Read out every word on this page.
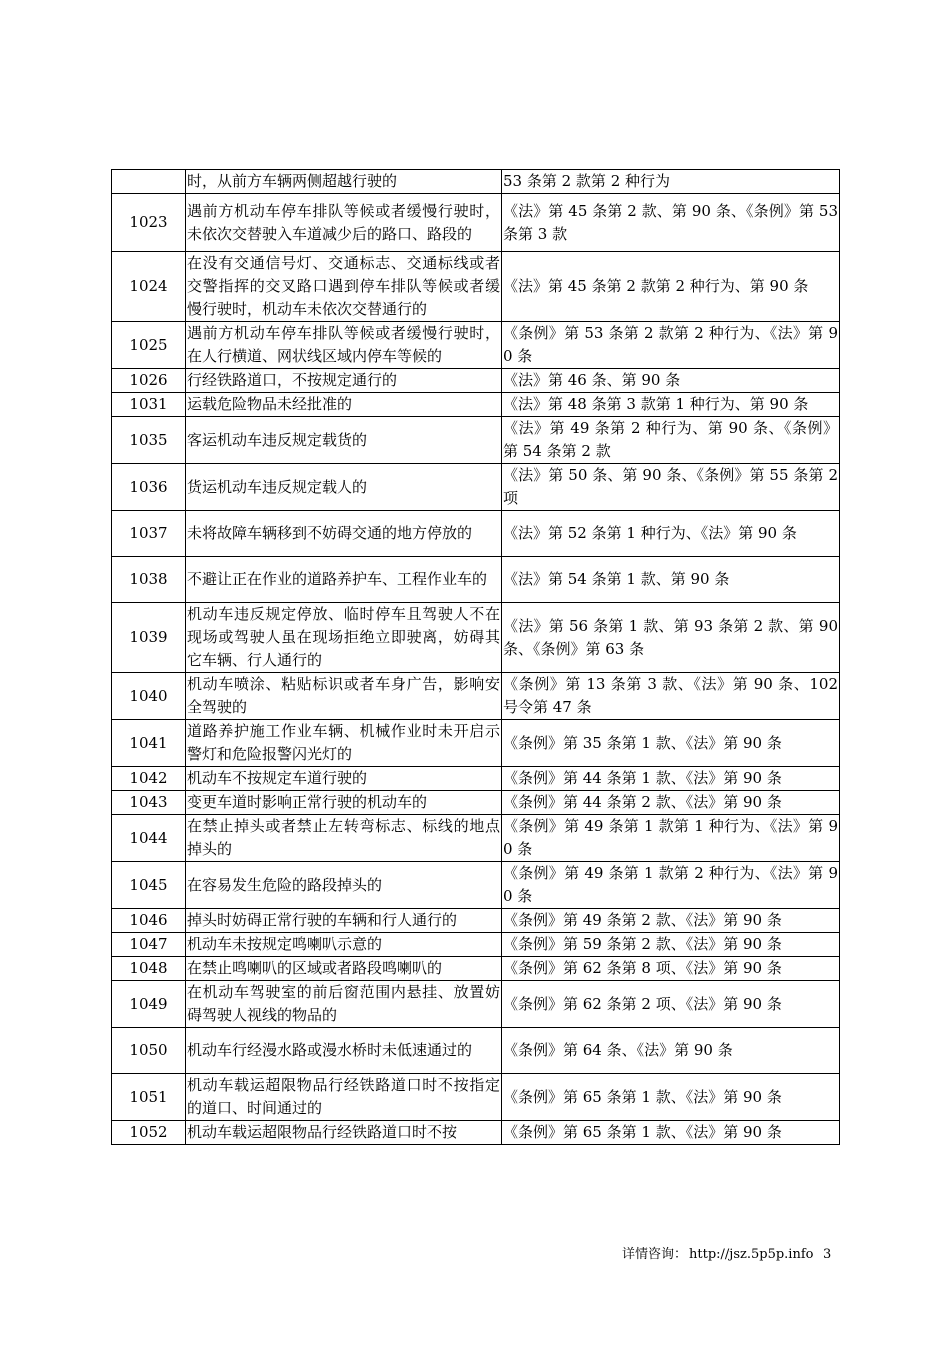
	时，从前方车辆两侧超越行驶的	53 条第 2 款第 2 种行为
1023	遇前方机动车停车排队等候或者缓慢行驶时，未依次交替驶入车道减少后的路口、路段的	《法》第 45 条第 2 款、第 90 条、《条例》第 53 条第 3 款
1024	在没有交通信号灯、交通标志、交通标线或者交警指挥的交叉路口遇到停车排队等候或者缓慢行驶时，机动车未依次交替通行的	《法》第 45 条第 2 款第 2 种行为、第 90 条
1025	遇前方机动车停车排队等候或者缓慢行驶时，在人行横道、网状线区域内停车等候的	《条例》第 53 条第 2 款第 2 种行为、《法》第 90 条
1026	行经铁路道口，不按规定通行的	《法》第 46 条、第 90 条
1031	运载危险物品未经批准的	《法》第 48 条第 3 款第 1 种行为、第 90 条
1035	客运机动车违反规定载货的	《法》第 49 条第 2 种行为、第 90 条、《条例》第 54 条第 2 款
1036	货运机动车违反规定载人的	《法》第 50 条、第 90 条、《条例》第 55 条第 2 项
1037	未将故障车辆移到不妨碍交通的地方停放的	《法》第 52 条第 1 种行为、《法》第 90 条
1038	不避让正在作业的道路养护车、工程作业车的	《法》第 54 条第 1 款、第 90 条
1039	机动车违反规定停放、临时停车且驾驶人不在现场或驾驶人虽在现场拒绝立即驶离，妨碍其它车辆、行人通行的	《法》第 56 条第 1 款、第 93 条第 2 款、第 90 条、《条例》第 63 条
1040	机动车喷涂、粘贴标识或者车身广告，影响安全驾驶的	《条例》第 13 条第 3 款、《法》第 90 条、102 号令第 47 条
1041	道路养护施工作业车辆、机械作业时未开启示警灯和危险报警闪光灯的	《条例》第 35 条第 1 款、《法》第 90 条
1042	机动车不按规定车道行驶的	《条例》第 44 条第 1 款、《法》第 90 条
1043	变更车道时影响正常行驶的机动车的	《条例》第 44 条第 2 款、《法》第 90 条
1044	在禁止掉头或者禁止左转弯标志、标线的地点掉头的	《条例》第 49 条第 1 款第 1 种行为、《法》第 90 条
1045	在容易发生危险的路段掉头的	《条例》第 49 条第 1 款第 2 种行为、《法》第 90 条
1046	掉头时妨碍正常行驶的车辆和行人通行的	《条例》第 49 条第 2 款、《法》第 90 条
1047	机动车未按规定鸣喇叭示意的	《条例》第 59 条第 2 款、《法》第 90 条
1048	在禁止鸣喇叭的区域或者路段鸣喇叭的	《条例》第 62 条第 8 项、《法》第 90 条
1049	在机动车驾驶室的前后窗范围内悬挂、放置妨碍驾驶人视线的物品的	《条例》第 62 条第 2 项、《法》第 90 条
1050	机动车行经漫水路或漫水桥时未低速通过的	《条例》第 64 条、《法》第 90 条
1051	机动车载运超限物品行经铁路道口时不按指定的道口、时间通过的	《条例》第 65 条第 1 款、《法》第 90 条
1052	机动车载运超限物品行经铁路道口时不按	《条例》第 65 条第 1 款、《法》第 90 条
详情咨询： http://jsz.5p5p.info 3
